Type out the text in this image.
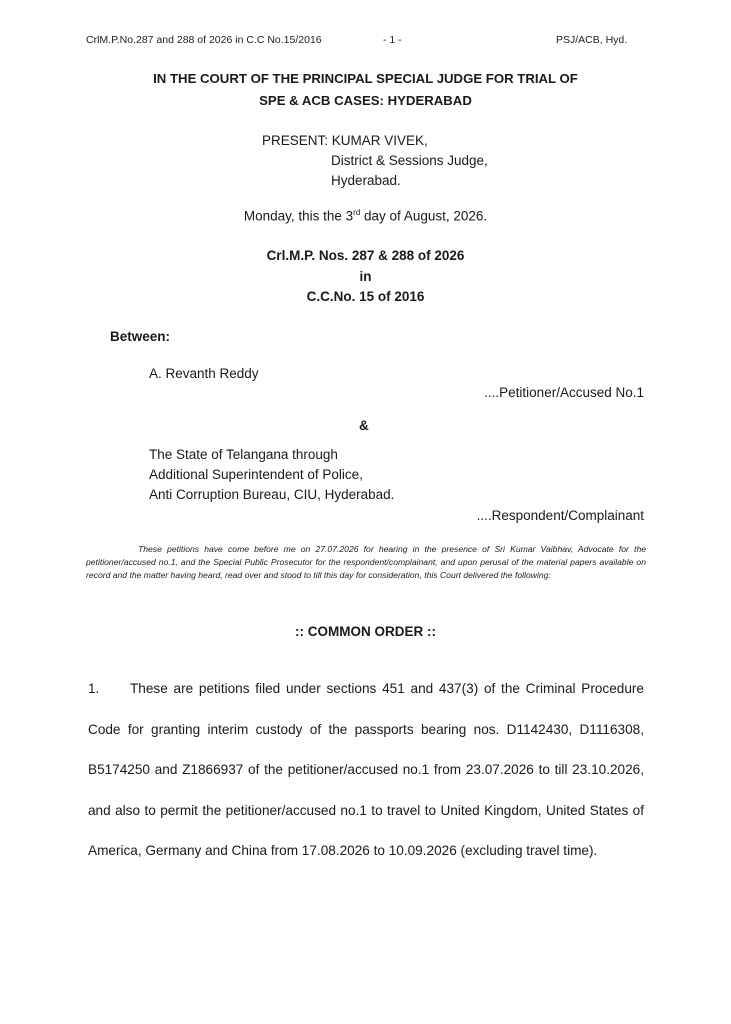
CrlM.P.No.287 and 288 of 2026 in C.C No.15/2016	- 1 -	PSJ/ACB, Hyd.
IN THE COURT OF THE PRINCIPAL SPECIAL JUDGE FOR TRIAL OF
SPE & ACB CASES: HYDERABAD
PRESENT: KUMAR VIVEK,
District & Sessions Judge,
Hyderabad.
Monday, this the 3rd day of August, 2026.
Crl.M.P. Nos. 287 & 288 of 2026
in
C.C.No. 15 of 2016
Between:
A. Revanth Reddy
....Petitioner/Accused No.1
&
The State of Telangana through
Additional Superintendent of Police,
Anti Corruption Bureau, CIU, Hyderabad.
....Respondent/Complainant
These petitions have come before me on 27.07.2026 for hearing in the presence of Sri Kumar Vaibhav, Advocate for the petitioner/accused no.1, and the Special Public Prosecutor for the respondent/complainant, and upon perusal of the material papers available on record and the matter having heard, read over and stood to till this day for consideration, this Court delivered the following:
:: COMMON ORDER ::
1. These are petitions filed under sections 451 and 437(3) of the Criminal Procedure Code for granting interim custody of the passports bearing nos. D1142430, D1116308, B5174250 and Z1866937 of the petitioner/accused no.1 from 23.07.2026 to till 23.10.2026, and also to permit the petitioner/accused no.1 to travel to United Kingdom, United States of America, Germany and China from 17.08.2026 to 10.09.2026 (excluding travel time).
